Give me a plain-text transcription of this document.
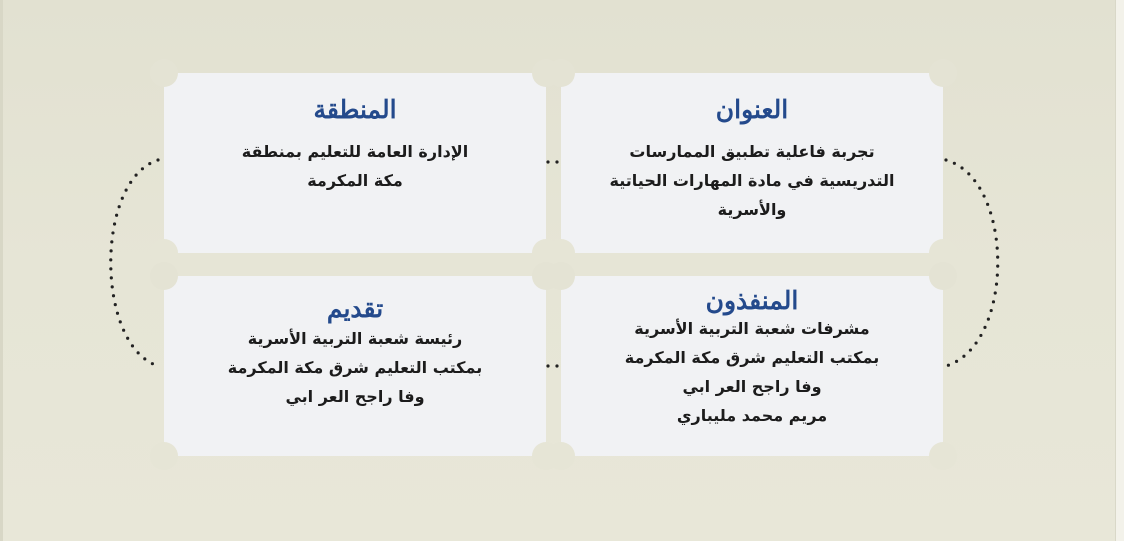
العنوان
تجربة فاعلية تطبيق الممارسات
التدريسية في مادة المهارات الحياتية
والأسرية
المنطقة
الإدارة العامة للتعليم بمنطقة
مكة المكرمة
المنفذون
مشرفات شعبة التربية الأسرية
بمكتب التعليم شرق مكة المكرمة
وفا راجح العر ابي
مريم محمد مليباري
تقديم
رئيسة شعبة التربية الأسرية
بمكتب التعليم شرق مكة المكرمة
وفا راجح العر ابي
